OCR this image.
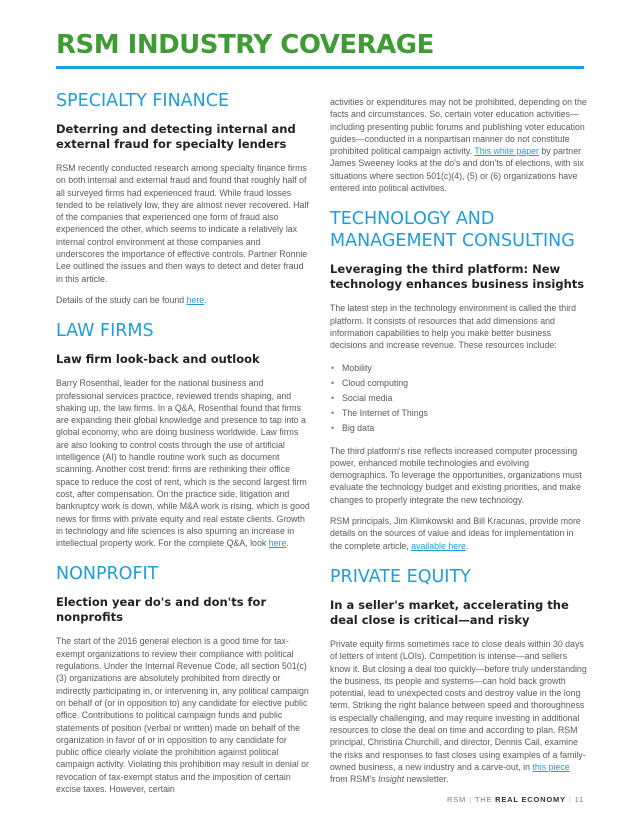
RSM INDUSTRY COVERAGE
SPECIALTY FINANCE
Deterring and detecting internal and external fraud for specialty lenders

RSM recently conducted research among specialty finance firms on both internal and external fraud and found that roughly half of all surveyed firms had experienced fraud. While fraud losses tended to be relatively low, they are almost never recovered. Half of the companies that experienced one form of fraud also experienced the other, which seems to indicate a relatively lax internal control environment at those companies and underscores the importance of effective controls. Partner Ronnie Lee outlined the issues and then ways to detect and deter fraud in this article.

Details of the study can be found here.

LAW FIRMS
Law firm look-back and outlook

Barry Rosenthal, leader for the national business and professional services practice, reviewed trends shaping, and shaking up, the law firms. In a Q&A, Rosenthal found that firms are expanding their global knowledge and presence to tap into a global economy, who are doing business worldwide. Law firms are also looking to control costs through the use of artificial intelligence (AI) to handle routine work such as document scanning. Another cost trend: firms are rethinking their office space to reduce the cost of rent, which is the second largest firm cost, after compensation. On the practice side, litigation and bankruptcy work is down, while M&A work is rising, which is good news for firms with private equity and real estate clients. Growth in technology and life sciences is also spurring an increase in intellectual property work. For the complete Q&A, look here.

NONPROFIT
Election year do's and don'ts for nonprofits

The start of the 2016 general election is a good time for tax-exempt organizations to review their compliance with political regulations. Under the Internal Revenue Code, all section 501(c)(3) organizations are absolutely prohibited from directly or indirectly participating in, or intervening in, any political campaign on behalf of (or in opposition to) any candidate for elective public office. Contributions to political campaign funds and public statements of position (verbal or written) made on behalf of the organization in favor of or in opposition to any candidate for public office clearly violate the prohibition against political campaign activity. Violating this prohibition may result in denial or revocation of tax-exempt status and the imposition of certain excise taxes. However, certain

activities or expenditures may not be prohibited, depending on the facts and circumstances. So, certain voter education activities—including presenting public forums and publishing voter education guides—conducted in a nonpartisan manner do not constitute prohibited political campaign activity. This white paper by partner James Sweeney looks at the do's and don'ts of elections, with six situations where section 501(c)(4), (5) or (6) organizations have entered into political activities.

TECHNOLOGY AND MANAGEMENT CONSULTING
Leveraging the third platform: New technology enhances business insights

The latest step in the technology environment is called the third platform. It consists of resources that add dimensions and information capabilities to help you make better business decisions and increase revenue. These resources include:

• Mobility
• Cloud computing
• Social media
• The Internet of Things
• Big data

The third platform's rise reflects increased computer processing power, enhanced mobile technologies and evolving demographics. To leverage the opportunities, organizations must evaluate the technology budget and existing priorities, and make changes to properly integrate the new technology.

RSM principals, Jim Klimkowski and Bill Kracunas, provide more details on the sources of value and ideas for implementation in the complete article, available here.

PRIVATE EQUITY
In a seller's market, accelerating the deal close is critical—and risky

Private equity firms sometimes race to close deals within 30 days of letters of intent (LOIs). Competition is intense—and sellers know it. But closing a deal too quickly—before truly understanding the business, its people and systems—can hold back growth potential, lead to unexpected costs and destroy value in the long term. Striking the right balance between speed and thoroughness is especially challenging, and may require investing in additional resources to close the deal on time and according to plan. RSM principal, Christina Churchill, and director, Dennis Cail, examine the risks and responses to fast closes using examples of a family-owned business, a new industry and a carve-out, in this piece from RSM's Insight newsletter.

RSM | THE REAL ECONOMY | 11
